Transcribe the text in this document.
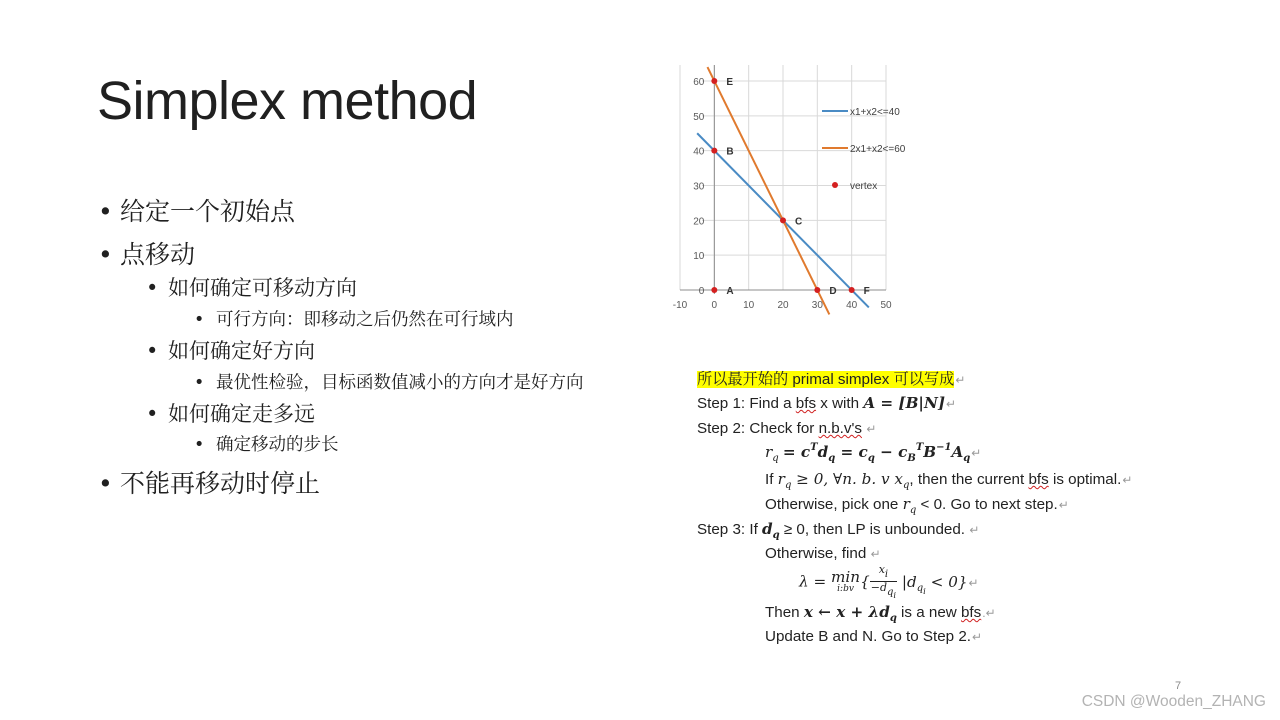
Simplex method
• 给定一个初始点
• 点移动
• 如何确定可移动方向
• 可行方向：即移动之后仍然在可行域内
• 如何确定好方向
• 最优性检验，目标函数值减小的方向才是好方向
• 如何确定走多远
• 确定移动的步长
• 不能再移动时停止
0
10
20
30
40
50
60
-10 0	10 20 30 40 50
A
B
C
D
E
F
x1+x2<=40
2x1+x2<=60
vertex
所以最开始的 primal simplex 可以写成↵
Step 1: Find a bfs x with A = [B|N]↵
Step 2: Check for n.b.v's ↵
$r_q = c^Td_q = c_q$ − $c_B^TB^{-1}A_q↵$
If $r_q \ge 0$, ∀n. b. v $x_q$, then the current bfs is optimal.↵
Otherwise, pick one $r_q < 0$. Go to next step.↵
Step 3: If $d_q \ge 0$, then LP is unbounded. ↵
Otherwise, find ↵
λ = min
i:bv { $\frac{xi}{-dq_i} |d_{q_i}$ < 0}↵
Then x ← $x + \lambda d_q$ is a new bfs.↵
Update B and N. Go to Step 2.↵
7
CSDN @Wooden_ZHANG
